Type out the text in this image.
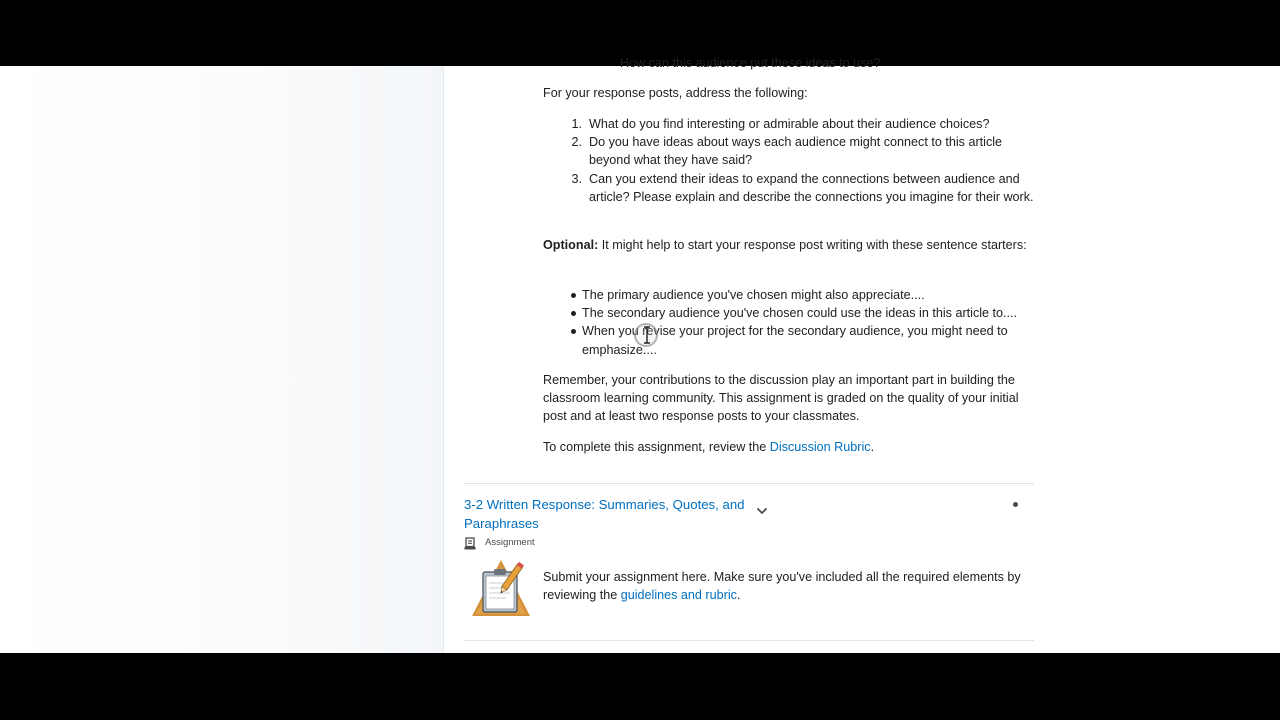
How can this audience put these ideas to use?
For your response posts, address the following:
1. What do you find interesting or admirable about their audience choices?
2. Do you have ideas about ways each audience might connect to this article beyond what they have said?
3. Can you extend their ideas to expand the connections between audience and article? Please explain and describe the connections you imagine for their work.
Optional: It might help to start your response post writing with these sentence starters:
The primary audience you've chosen might also appreciate....
The secondary audience you've chosen could use the ideas in this article to....
When you revise your project for the secondary audience, you might need to emphasize....
Remember, your contributions to the discussion play an important part in building the classroom learning community. This assignment is graded on the quality of your initial post and at least two response posts to your classmates.
To complete this assignment, review the Discussion Rubric.
3-2 Written Response: Summaries, Quotes, and Paraphrases
Assignment
Submit your assignment here. Make sure you've included all the required elements by reviewing the guidelines and rubric.
